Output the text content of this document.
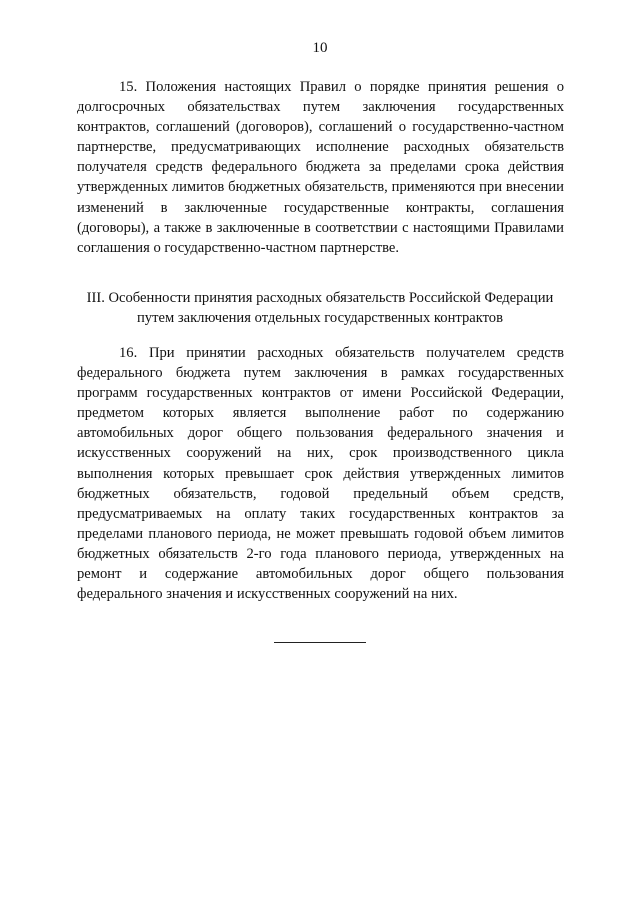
10

15. Положения настоящих Правил о порядке принятия решения о долгосрочных обязательствах путем заключения государственных контрактов, соглашений (договоров), соглашений о государственно-частном партнерстве, предусматривающих исполнение расходных обязательств получателя средств федерального бюджета за пределами срока действия утвержденных лимитов бюджетных обязательств, применяются при внесении изменений в заключенные государственные контракты, соглашения (договоры), а также в заключенные в соответствии с настоящими Правилами соглашения о государственно-частном партнерстве.

III. Особенности принятия расходных обязательств Российской Федерации
путем заключения отдельных государственных контрактов

16. При принятии расходных обязательств получателем средств федерального бюджета путем заключения в рамках государственных программ государственных контрактов от имени Российской Федерации, предметом которых является выполнение работ по содержанию автомобильных дорог общего пользования федерального значения и искусственных сооружений на них, срок производственного цикла выполнения которых превышает срок действия утвержденных лимитов бюджетных обязательств, годовой предельный объем средств, предусматриваемых на оплату таких государственных контрактов за пределами планового периода, не может превышать годовой объем лимитов бюджетных обязательств 2-го года планового периода, утвержденных на ремонт и содержание автомобильных дорог общего пользования федерального значения и искусственных сооружений на них.
